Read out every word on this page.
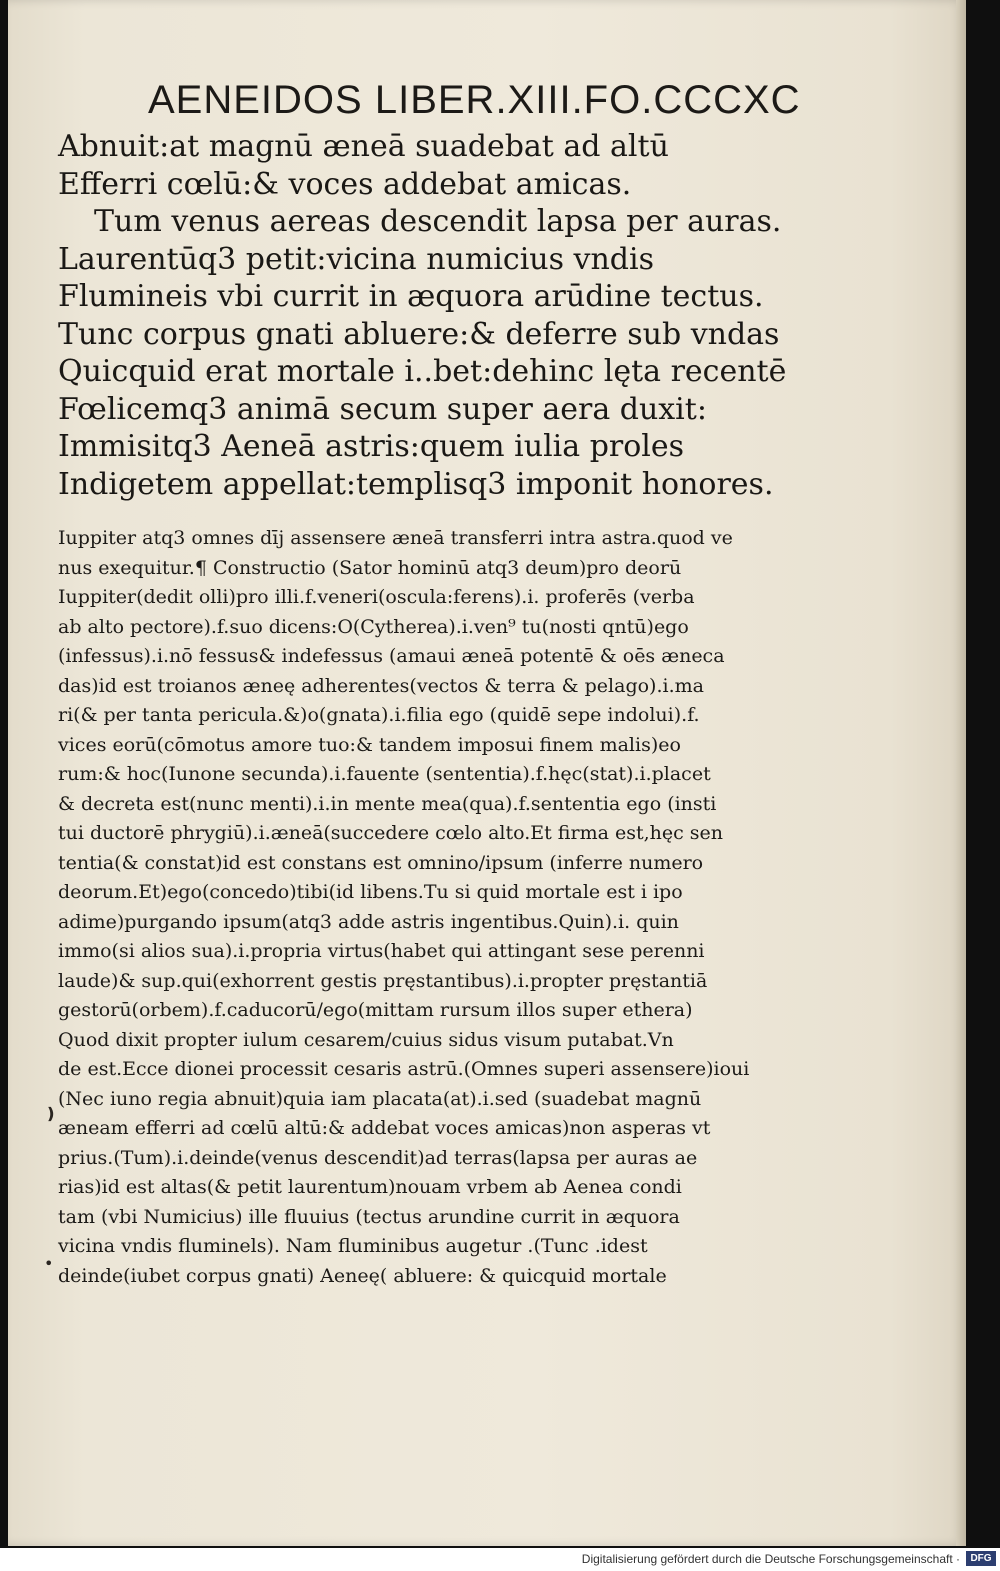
AENEIDOS LIBER.XIII.FO.CCCXC
Abnuit:at magnū æneā suadebat ad altū
Efferri cœlū:& voces addebat amicas.
Tum venus aereas descendit lapsa per auras.
Laurentūq3 petit:vicina numicius vndis
Flumineis vbi currit in æquora arūdine tectus.
Tunc corpus gnati abluere:& deferre sub vndas
Quicquid erat mortale i..bet:dehinc lęta recentē
Fœlicemq3 animā secum super aera duxit:
Immisitq3 Aeneā astris:quem iulia proles
Indigetem appellat:templisq3 imponit honores.
Iuppiter atq3 omnes dīj assensere æneā transferri intra astra.quod ve
nus exequitur.¶ Constructio (Sator hominū atq3 deum)pro deorū
Iuppiter(dedit olli)pro illi.f.veneri(oscula:ferens).i. proferēs (verba
ab alto pectore).f.suo dicens:O(Cytherea).i.ven⁹ tu(nosti qntū)ego
(infessus).i.nō fessus& indefessus (amaui æneā potentē & oēs æneca
das)id est troianos æneę adherentes(vectos & terra & pelago).i.ma
ri(& per tanta pericula.&)o(gnata).i.filia ego (quidē sepe indolui).f.
vices eorū(cōmotus amore tuo:& tandem imposui finem malis)eo
rum:& hoc(Iunone secunda).i.fauente (sententia).f.hęc(stat).i.placet
& decreta est(nunc menti).i.in mente mea(qua).f.sententia ego (insti
tui ductorē phrygiū).i.æneā(succedere cœlo alto.Et firma est,hęc sen
tentia(& constat)id est constans est omnino/ipsum (inferre numero
deorum.Et)ego(concedo)tibi(id libens.Tu si quid mortale est i ipo
adime)purgando ipsum(atq3 adde astris ingentibus.Quin).i. quin
immo(si alios sua).i.propria virtus(habet qui attingant sese perenni
laude)& sup.qui(exhorrent gestis pręstantibus).i.propter pręstantiā
gestorū(orbem).f.caducorū/ego(mittam rursum illos super ethera)
Quod dixit propter iulum cesarem/cuius sidus visum putabat.Vn
de est.Ecce dionei processit cesaris astrū.(Omnes superi assensere)ioui
(Nec iuno regia abnuit)quia iam placata(at).i.sed (suadebat magnū
æneam efferri ad cœlū altū:& addebat voces amicas)non asperas vt
prius.(Tum).i.deinde(venus descendit)ad terras(lapsa per auras ae
rias)id est altas(& petit laurentum)nouam vrbem ab Aenea condi
tam (vbi Numicius) ille fluuius (tectus arundine currit in æquora
vicina vndis fluminels). Nam fluminibus augetur .(Tunc .idest
deinde(iubet corpus gnati) Aeneę( abluere: & quicquid mortale
❫
•
Digitalisierung gefördert durch die Deutsche Forschungsgemeinschaft ·	DFG
